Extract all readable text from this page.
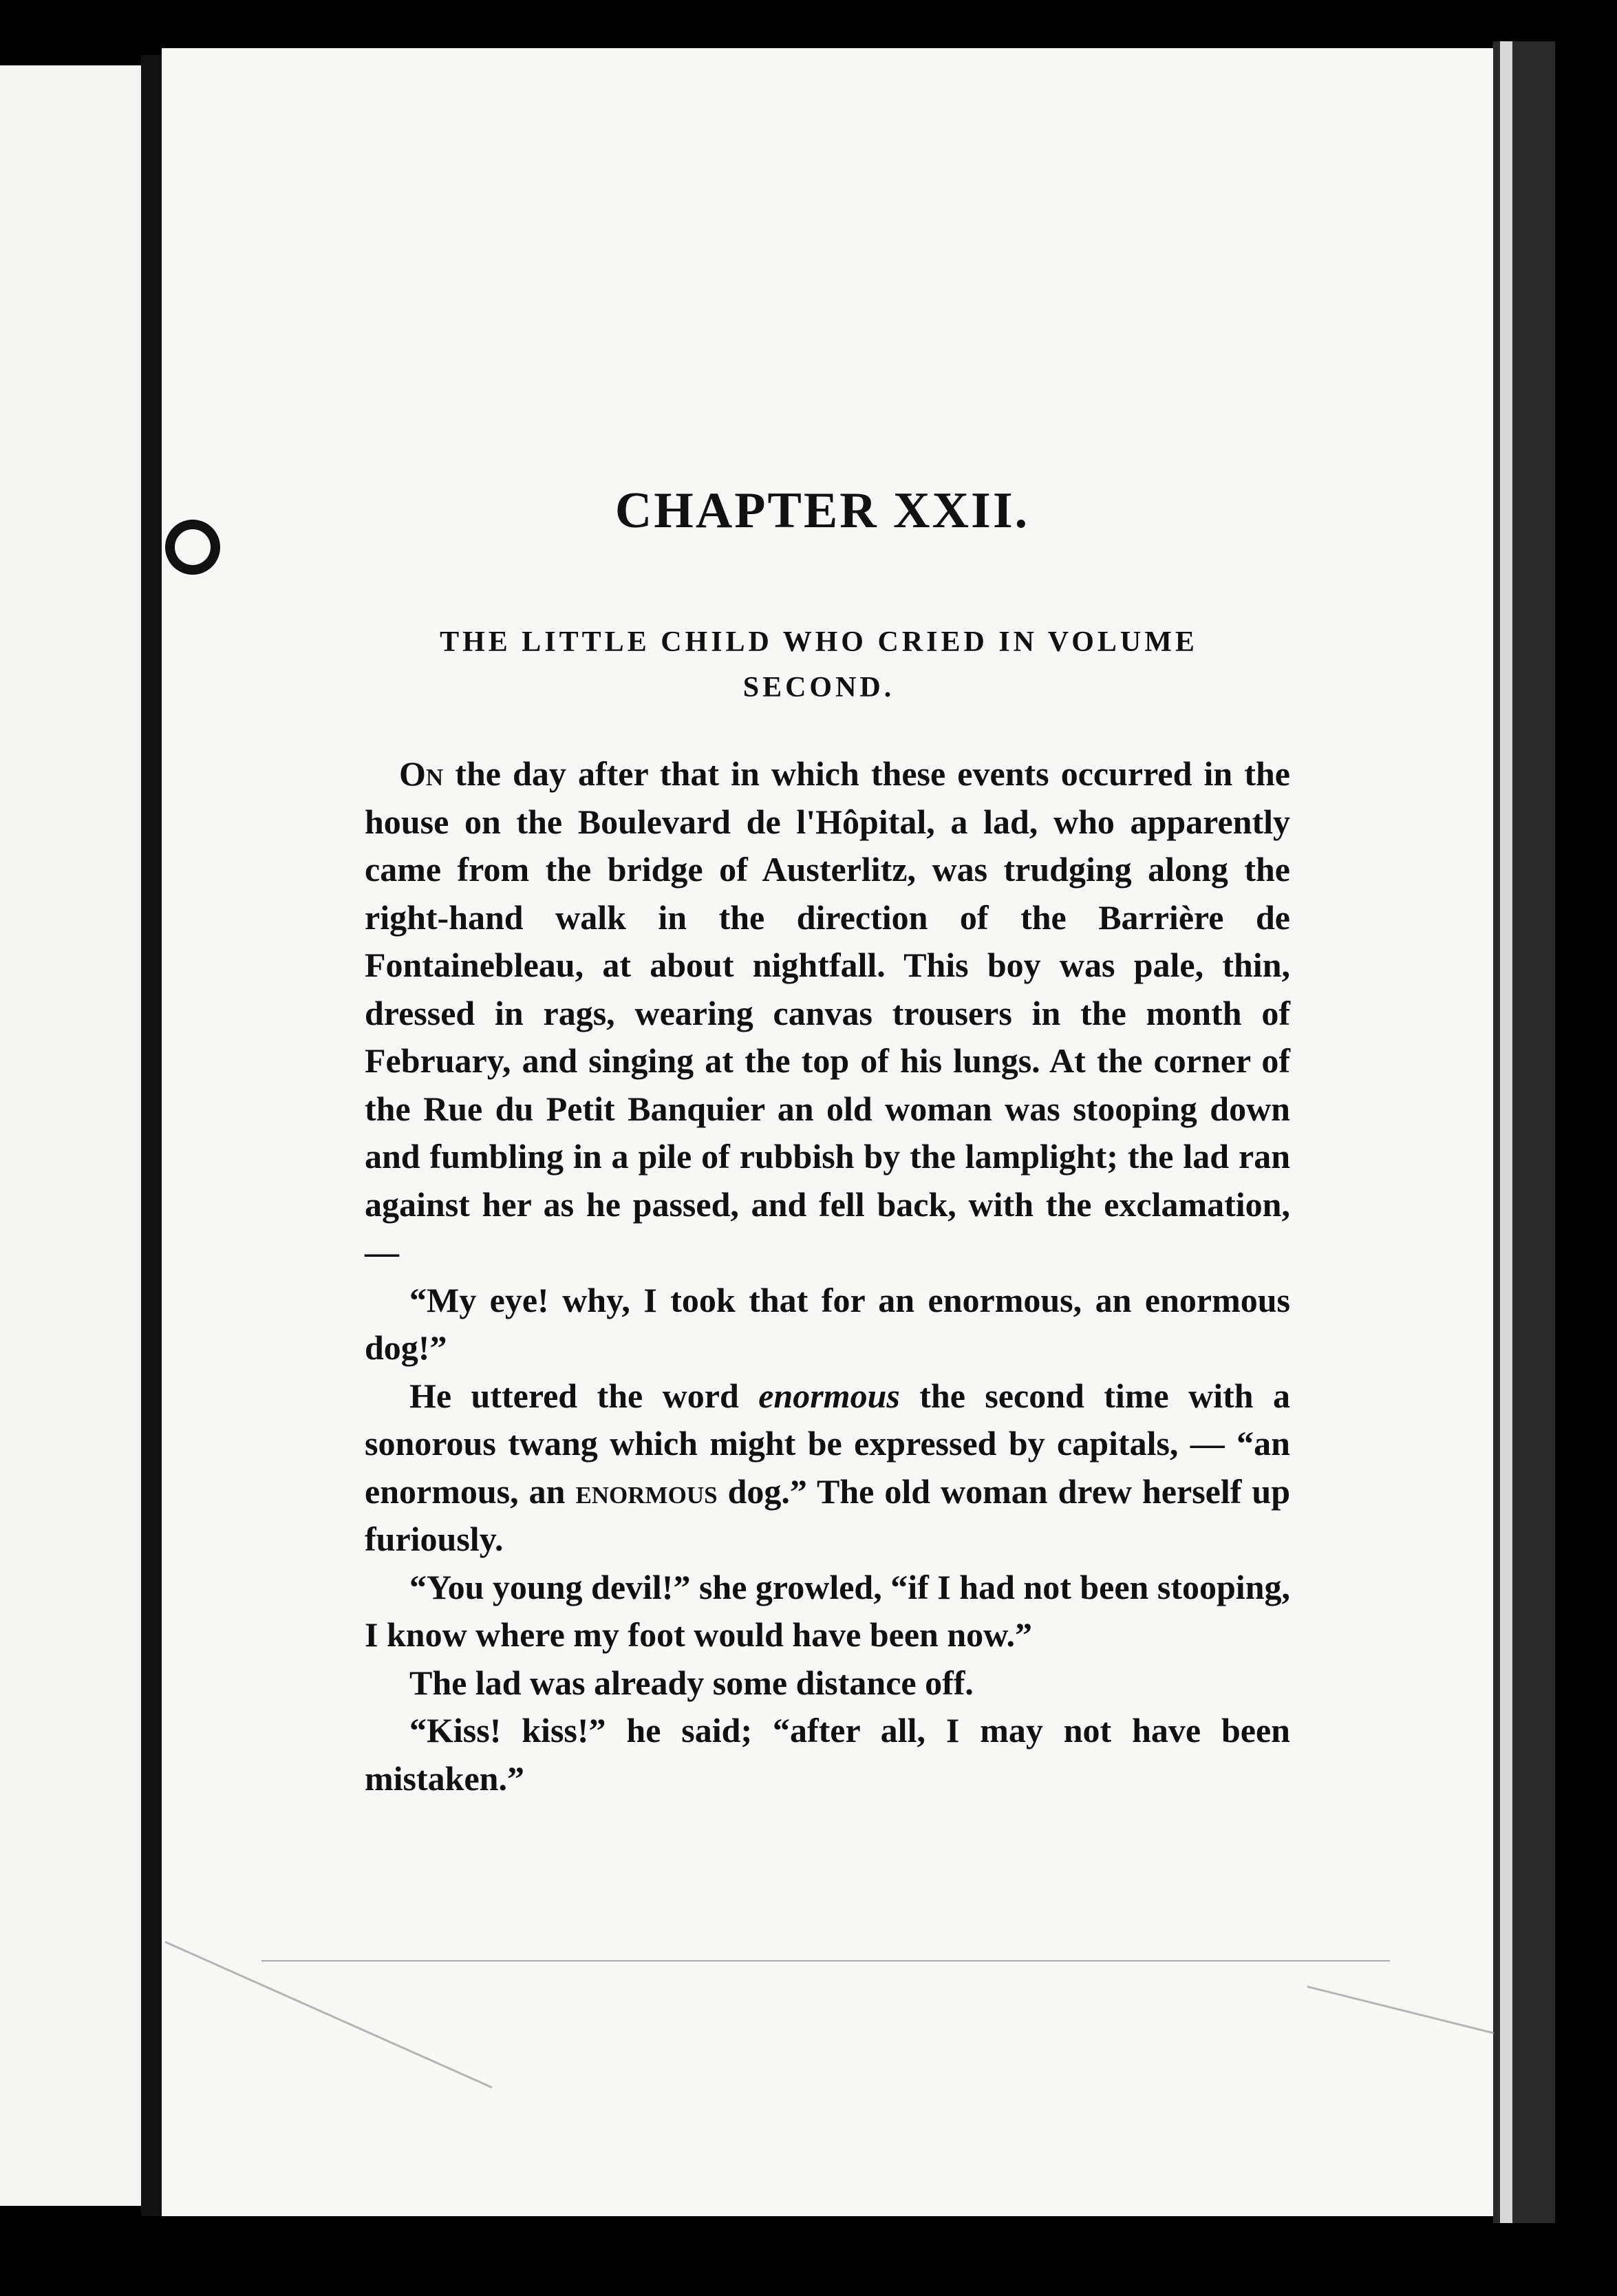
CHAPTER XXII.
THE LITTLE CHILD WHO CRIED IN VOLUME SECOND.

On the day after that in which these events occurred in the house on the Boulevard de l'Hôpital, a lad, who apparently came from the bridge of Austerlitz, was trudging along the right-hand walk in the direction of the Barrière de Fontainebleau, at about nightfall. This boy was pale, thin, dressed in rags, wearing canvas trousers in the month of February, and singing at the top of his lungs. At the corner of the Rue du Petit Banquier an old woman was stooping down and fumbling in a pile of rubbish by the lamplight; the lad ran against her as he passed, and fell back, with the exclamation, —

“My eye! why, I took that for an enormous, an enormous dog!”

He uttered the word enormous the second time with a sonorous twang which might be expressed by capitals, — “an enormous, an enormous dog.” The old woman drew herself up furiously.

“You young devil!” she growled, “if I had not been stooping, I know where my foot would have been now.”

The lad was already some distance off.

“Kiss! kiss!” he said; “after all, I may not have been mistaken.”
